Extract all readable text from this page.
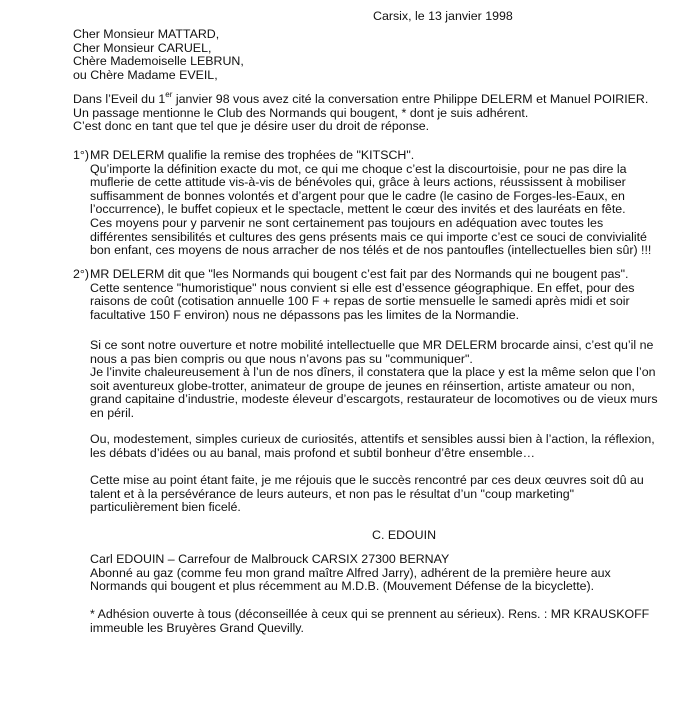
Carsix, le 13 janvier 1998
Cher Monsieur MATTARD,
Cher Monsieur CARUEL,
Chère Mademoiselle LEBRUN,
ou Chère Madame EVEIL,
Dans l’Eveil du 1er janvier 98 vous avez cité la conversation entre Philippe DELERM et Manuel POIRIER.
Un passage mentionne le Club des Normands qui bougent, * dont je suis adhérent.
C’est donc en tant que tel que je désire user du droit de réponse.
1°) MR DELERM qualifie la remise des trophées de "KITSCH".
Qu’importe la définition exacte du mot, ce qui me choque c’est la discourtoisie, pour ne pas dire la
muflerie de cette attitude vis-à-vis de bénévoles qui, grâce à leurs actions, réussissent à mobiliser
suffisamment de bonnes volontés et d’argent pour que le cadre (le casino de Forges-les-Eaux, en
l’occurrence), le buffet copieux et le spectacle, mettent le cœur des invités et des lauréats en fête.
Ces moyens pour y parvenir ne sont certainement pas toujours en adéquation avec toutes les
différentes sensibilités et cultures des gens présents mais ce qui importe c’est ce souci de convivialité
bon enfant, ces moyens de nous arracher de nos télés et de nos pantoufles (intellectuelles bien sûr) !!!
2°) MR DELERM dit que "les Normands qui bougent c’est fait par des Normands qui ne bougent pas".
Cette sentence "humoristique" nous convient si elle est d’essence géographique. En effet, pour des
raisons de coût (cotisation annuelle 100 F + repas de sortie mensuelle le samedi après midi et soir
facultative 150 F environ) nous ne dépassons pas les limites de la Normandie.
Si ce sont notre ouverture et notre mobilité intellectuelle que MR DELERM brocarde ainsi, c’est qu’il ne
nous a pas bien compris ou que nous n’avons pas su "communiquer".
Je l’invite chaleureusement à l’un de nos dîners, il constatera que la place y est la même selon que l’on
soit aventureux globe-trotter, animateur de groupe de jeunes en réinsertion, artiste amateur ou non,
grand capitaine d’industrie, modeste éleveur d’escargots, restaurateur de locomotives ou de vieux murs
en péril.
Ou, modestement, simples curieux de curiosités, attentifs et sensibles aussi bien à l’action, la réflexion,
les débats d’idées ou au banal, mais profond et subtil bonheur d’être ensemble…
Cette mise au point étant faite, je me réjouis que le succès rencontré par ces deux œuvres soit dû au
talent et à la persévérance de leurs auteurs, et non pas le résultat d’un "coup marketing"
particulièrement bien ficelé.
C. EDOUIN
Carl EDOUIN – Carrefour de Malbrouck CARSIX 27300 BERNAY
Abonné au gaz (comme feu mon grand maître Alfred Jarry), adhérent de la première heure aux
Normands qui bougent et plus récemment au M.D.B. (Mouvement Défense de la bicyclette).
* Adhésion ouverte à tous (déconseillée à ceux qui se prennent au sérieux). Rens. : MR KRAUSKOFF
immeuble les Bruyères Grand Quevilly.
